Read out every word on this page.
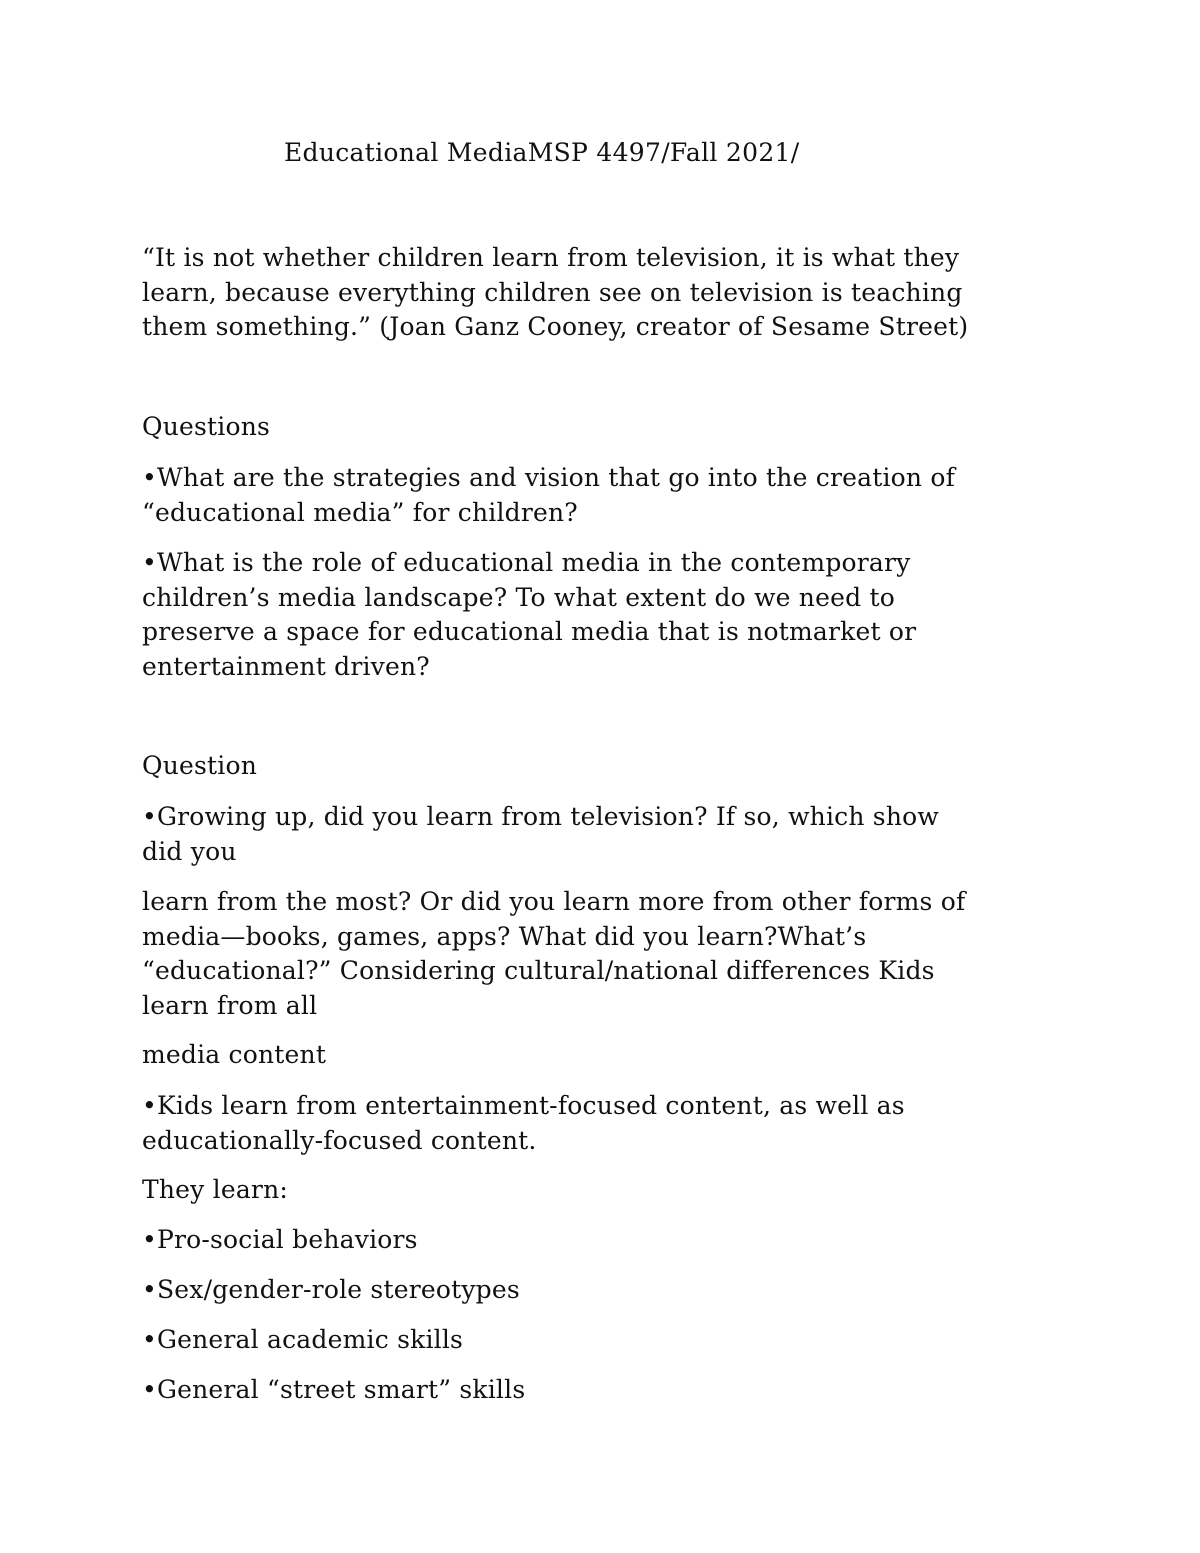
Educational MediaMSP 4497/Fall 2021/
“It is not whether children learn from television, it is what they
learn, because everything children see on television is teaching
them something.” (Joan Ganz Cooney, creator of Sesame Street)
Questions
•What are the strategies and vision that go into the creation of
“educational media” for children?
•What is the role of educational media in the contemporary
children’s media landscape? To what extent do we need to
preserve a space for educational media that is notmarket or
entertainment driven?
Question
•Growing up, did you learn from television? If so, which show
did you
learn from the most? Or did you learn more from other forms of
media—books, games, apps? What did you learn?What’s
“educational?” Considering cultural/national differences Kids
learn from all
media content
•Kids learn from entertainment-focused content, as well as
educationally-focused content.
They learn:
•Pro-social behaviors
•Sex/gender-role stereotypes
•General academic skills
•General “street smart” skills
